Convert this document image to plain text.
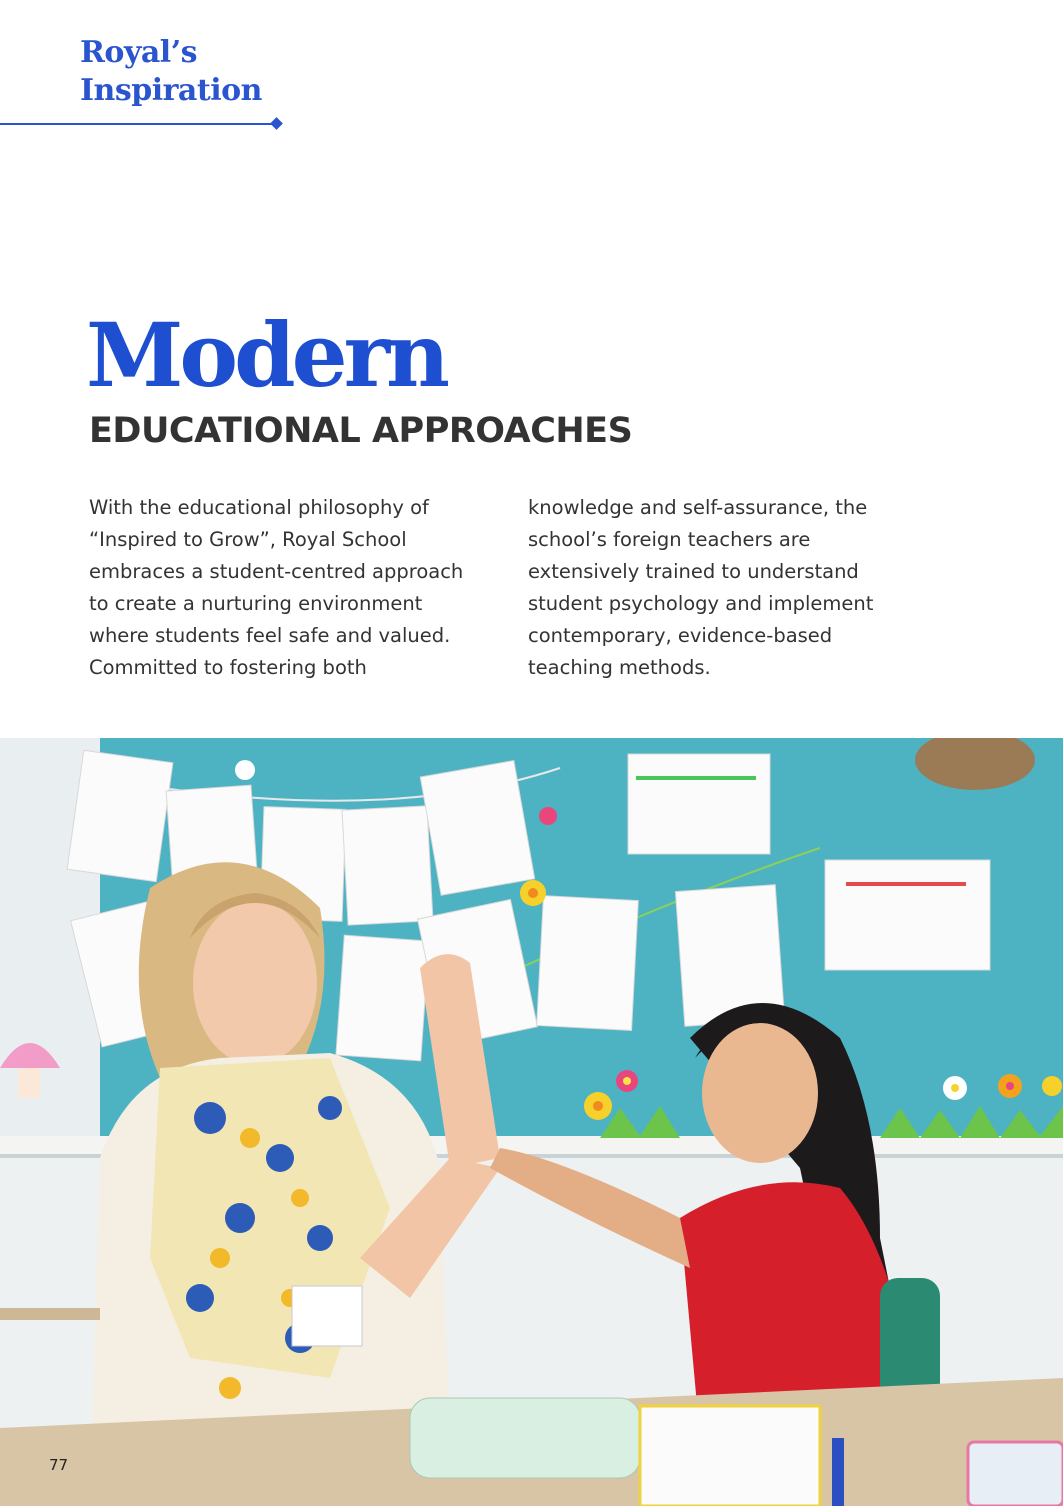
Royal’s
Inspiration
Modern
EDUCATIONAL APPROACHES

With the educational philosophy of
“Inspired to Grow”, Royal School
embraces a student-centred approach
to create a nurturing environment
where students feel safe and valued.
Committed to fostering both

knowledge and self-assurance, the
school’s foreign teachers are
extensively trained to understand
student psychology and implement
contemporary, evidence-based
teaching methods.

77
